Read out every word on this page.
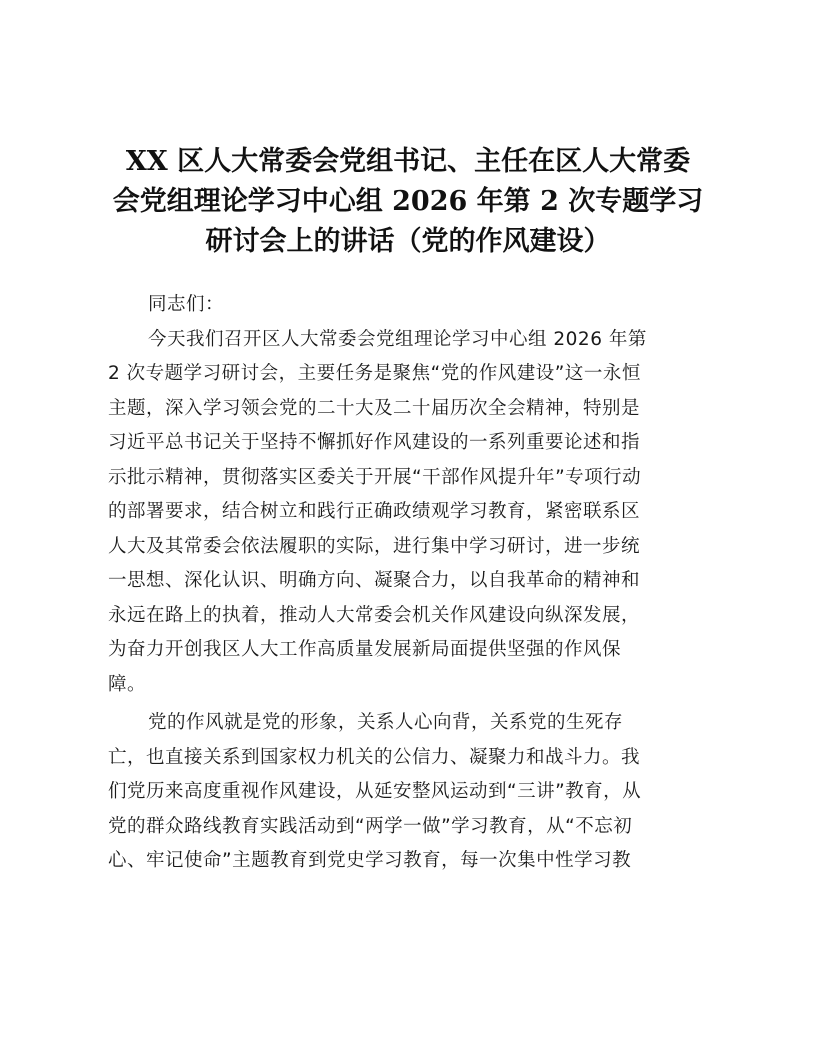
XX 区人大常委会党组书记、主任在区人大常委
会党组理论学习中心组 2026 年第 2 次专题学习
研讨会上的讲话（党的作风建设）
同志们：
今天我们召开区人大常委会党组理论学习中心组 2026 年第
2 次专题学习研讨会，主要任务是聚焦“党的作风建设”这一永恒
主题，深入学习领会党的二十大及二十届历次全会精神，特别是
习近平总书记关于坚持不懈抓好作风建设的一系列重要论述和指
示批示精神，贯彻落实区委关于开展“干部作风提升年”专项行动
的部署要求，结合树立和践行正确政绩观学习教育，紧密联系区
人大及其常委会依法履职的实际，进行集中学习研讨，进一步统
一思想、深化认识、明确方向、凝聚合力，以自我革命的精神和
永远在路上的执着，推动人大常委会机关作风建设向纵深发展，
为奋力开创我区人大工作高质量发展新局面提供坚强的作风保
障。
党的作风就是党的形象，关系人心向背，关系党的生死存
亡，也直接关系到国家权力机关的公信力、凝聚力和战斗力。我
们党历来高度重视作风建设，从延安整风运动到“三讲”教育，从
党的群众路线教育实践活动到“两学一做”学习教育，从“不忘初
心、牢记使命”主题教育到党史学习教育，每一次集中性学习教
